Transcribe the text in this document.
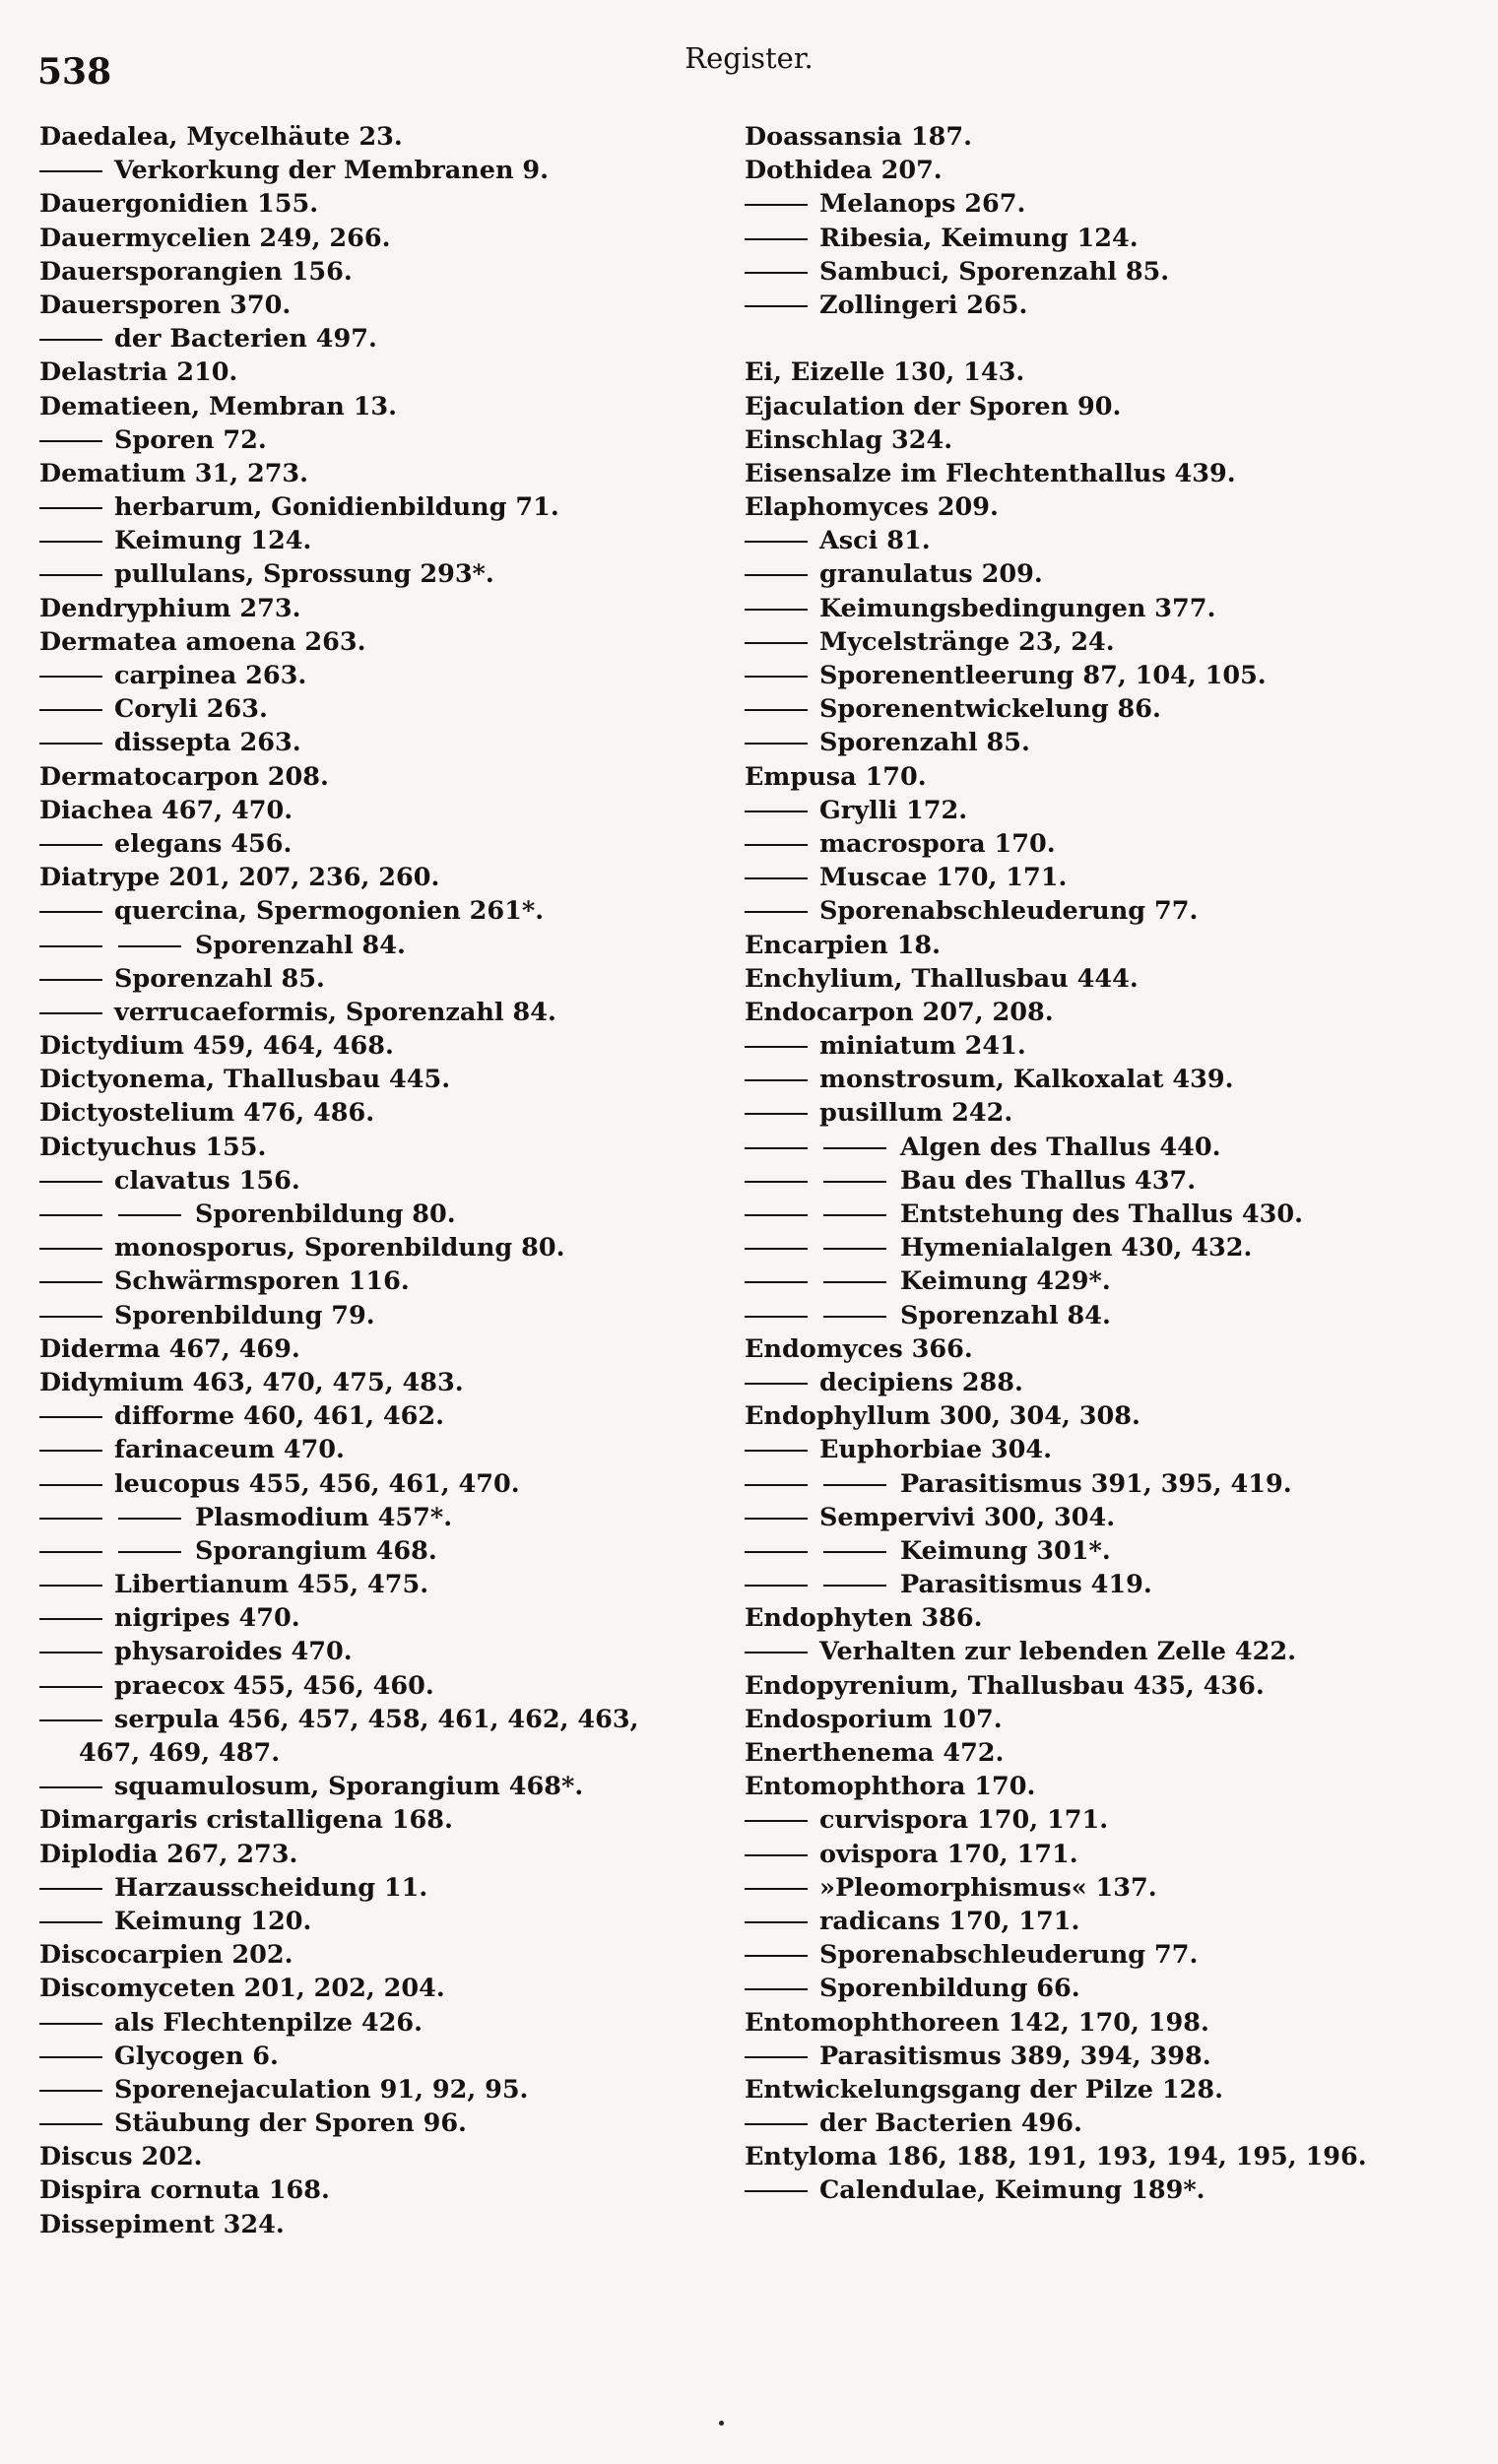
538	Register.
Daedalea, Mycelhäute 23.
Verkorkung der Membranen 9.
Dauergonidien 155.
Dauermycelien 249, 266.
Dauersporangien 156.
Dauersporen 370.
der Bacterien 497.
Delastria 210.
Dematieen, Membran 13.
Sporen 72.
Dematium 31, 273.
herbarum, Gonidienbildung 71.
Keimung 124.
pullulans, Sprossung 293*.
Dendryphium 273.
Dermatea amoena 263.
carpinea 263.
Coryli 263.
dissepta 263.
Dermatocarpon 208.
Diachea 467, 470.
elegans 456.
Diatrype 201, 207, 236, 260.
quercina, Spermogonien 261*.
Sporenzahl 84.
Sporenzahl 85.
verrucaeformis, Sporenzahl 84.
Dictydium 459, 464, 468.
Dictyonema, Thallusbau 445.
Dictyostelium 476, 486.
Dictyuchus 155.
clavatus 156.
Sporenbildung 80.
monosporus, Sporenbildung 80.
Schwärmsporen 116.
Sporenbildung 79.
Diderma 467, 469.
Didymium 463, 470, 475, 483.
difforme 460, 461, 462.
farinaceum 470.
leucopus 455, 456, 461, 470.
Plasmodium 457*.
Sporangium 468.
Libertianum 455, 475.
nigripes 470.
physaroides 470.
praecox 455, 456, 460.
serpula 456, 457, 458, 461, 462, 463,
467, 469, 487.
squamulosum, Sporangium 468*.
Dimargaris cristalligena 168.
Diplodia 267, 273.
Harzausscheidung 11.
Keimung 120.
Discocarpien 202.
Discomyceten 201, 202, 204.
als Flechtenpilze 426.
Glycogen 6.
Sporenejaculation 91, 92, 95.
Stäubung der Sporen 96.
Discus 202.
Dispira cornuta 168.
Dissepiment 324.
Doassansia 187.
Dothidea 207.
Melanops 267.
Ribesia, Keimung 124.
Sambuci, Sporenzahl 85.
Zollingeri 265.
Ei, Eizelle 130, 143.
Ejaculation der Sporen 90.
Einschlag 324.
Eisensalze im Flechtenthallus 439.
Elaphomyces 209.
Asci 81.
granulatus 209.
Keimungsbedingungen 377.
Mycelstränge 23, 24.
Sporenentleerung 87, 104, 105.
Sporenentwickelung 86.
Sporenzahl 85.
Empusa 170.
Grylli 172.
macrospora 170.
Muscae 170, 171.
Sporenabschleuderung 77.
Encarpien 18.
Enchylium, Thallusbau 444.
Endocarpon 207, 208.
miniatum 241.
monstrosum, Kalkoxalat 439.
pusillum 242.
Algen des Thallus 440.
Bau des Thallus 437.
Entstehung des Thallus 430.
Hymenialalgen 430, 432.
Keimung 429*.
Sporenzahl 84.
Endomyces 366.
decipiens 288.
Endophyllum 300, 304, 308.
Euphorbiae 304.
Parasitismus 391, 395, 419.
Sempervivi 300, 304.
Keimung 301*.
Parasitismus 419.
Endophyten 386.
Verhalten zur lebenden Zelle 422.
Endopyrenium, Thallusbau 435, 436.
Endosporium 107.
Enerthenema 472.
Entomophthora 170.
curvispora 170, 171.
ovispora 170, 171.
»Pleomorphismus« 137.
radicans 170, 171.
Sporenabschleuderung 77.
Sporenbildung 66.
Entomophthoreen 142, 170, 198.
Parasitismus 389, 394, 398.
Entwickelungsgang der Pilze 128.
der Bacterien 496.
Entyloma 186, 188, 191, 193, 194, 195, 196.
Calendulae, Keimung 189*.
